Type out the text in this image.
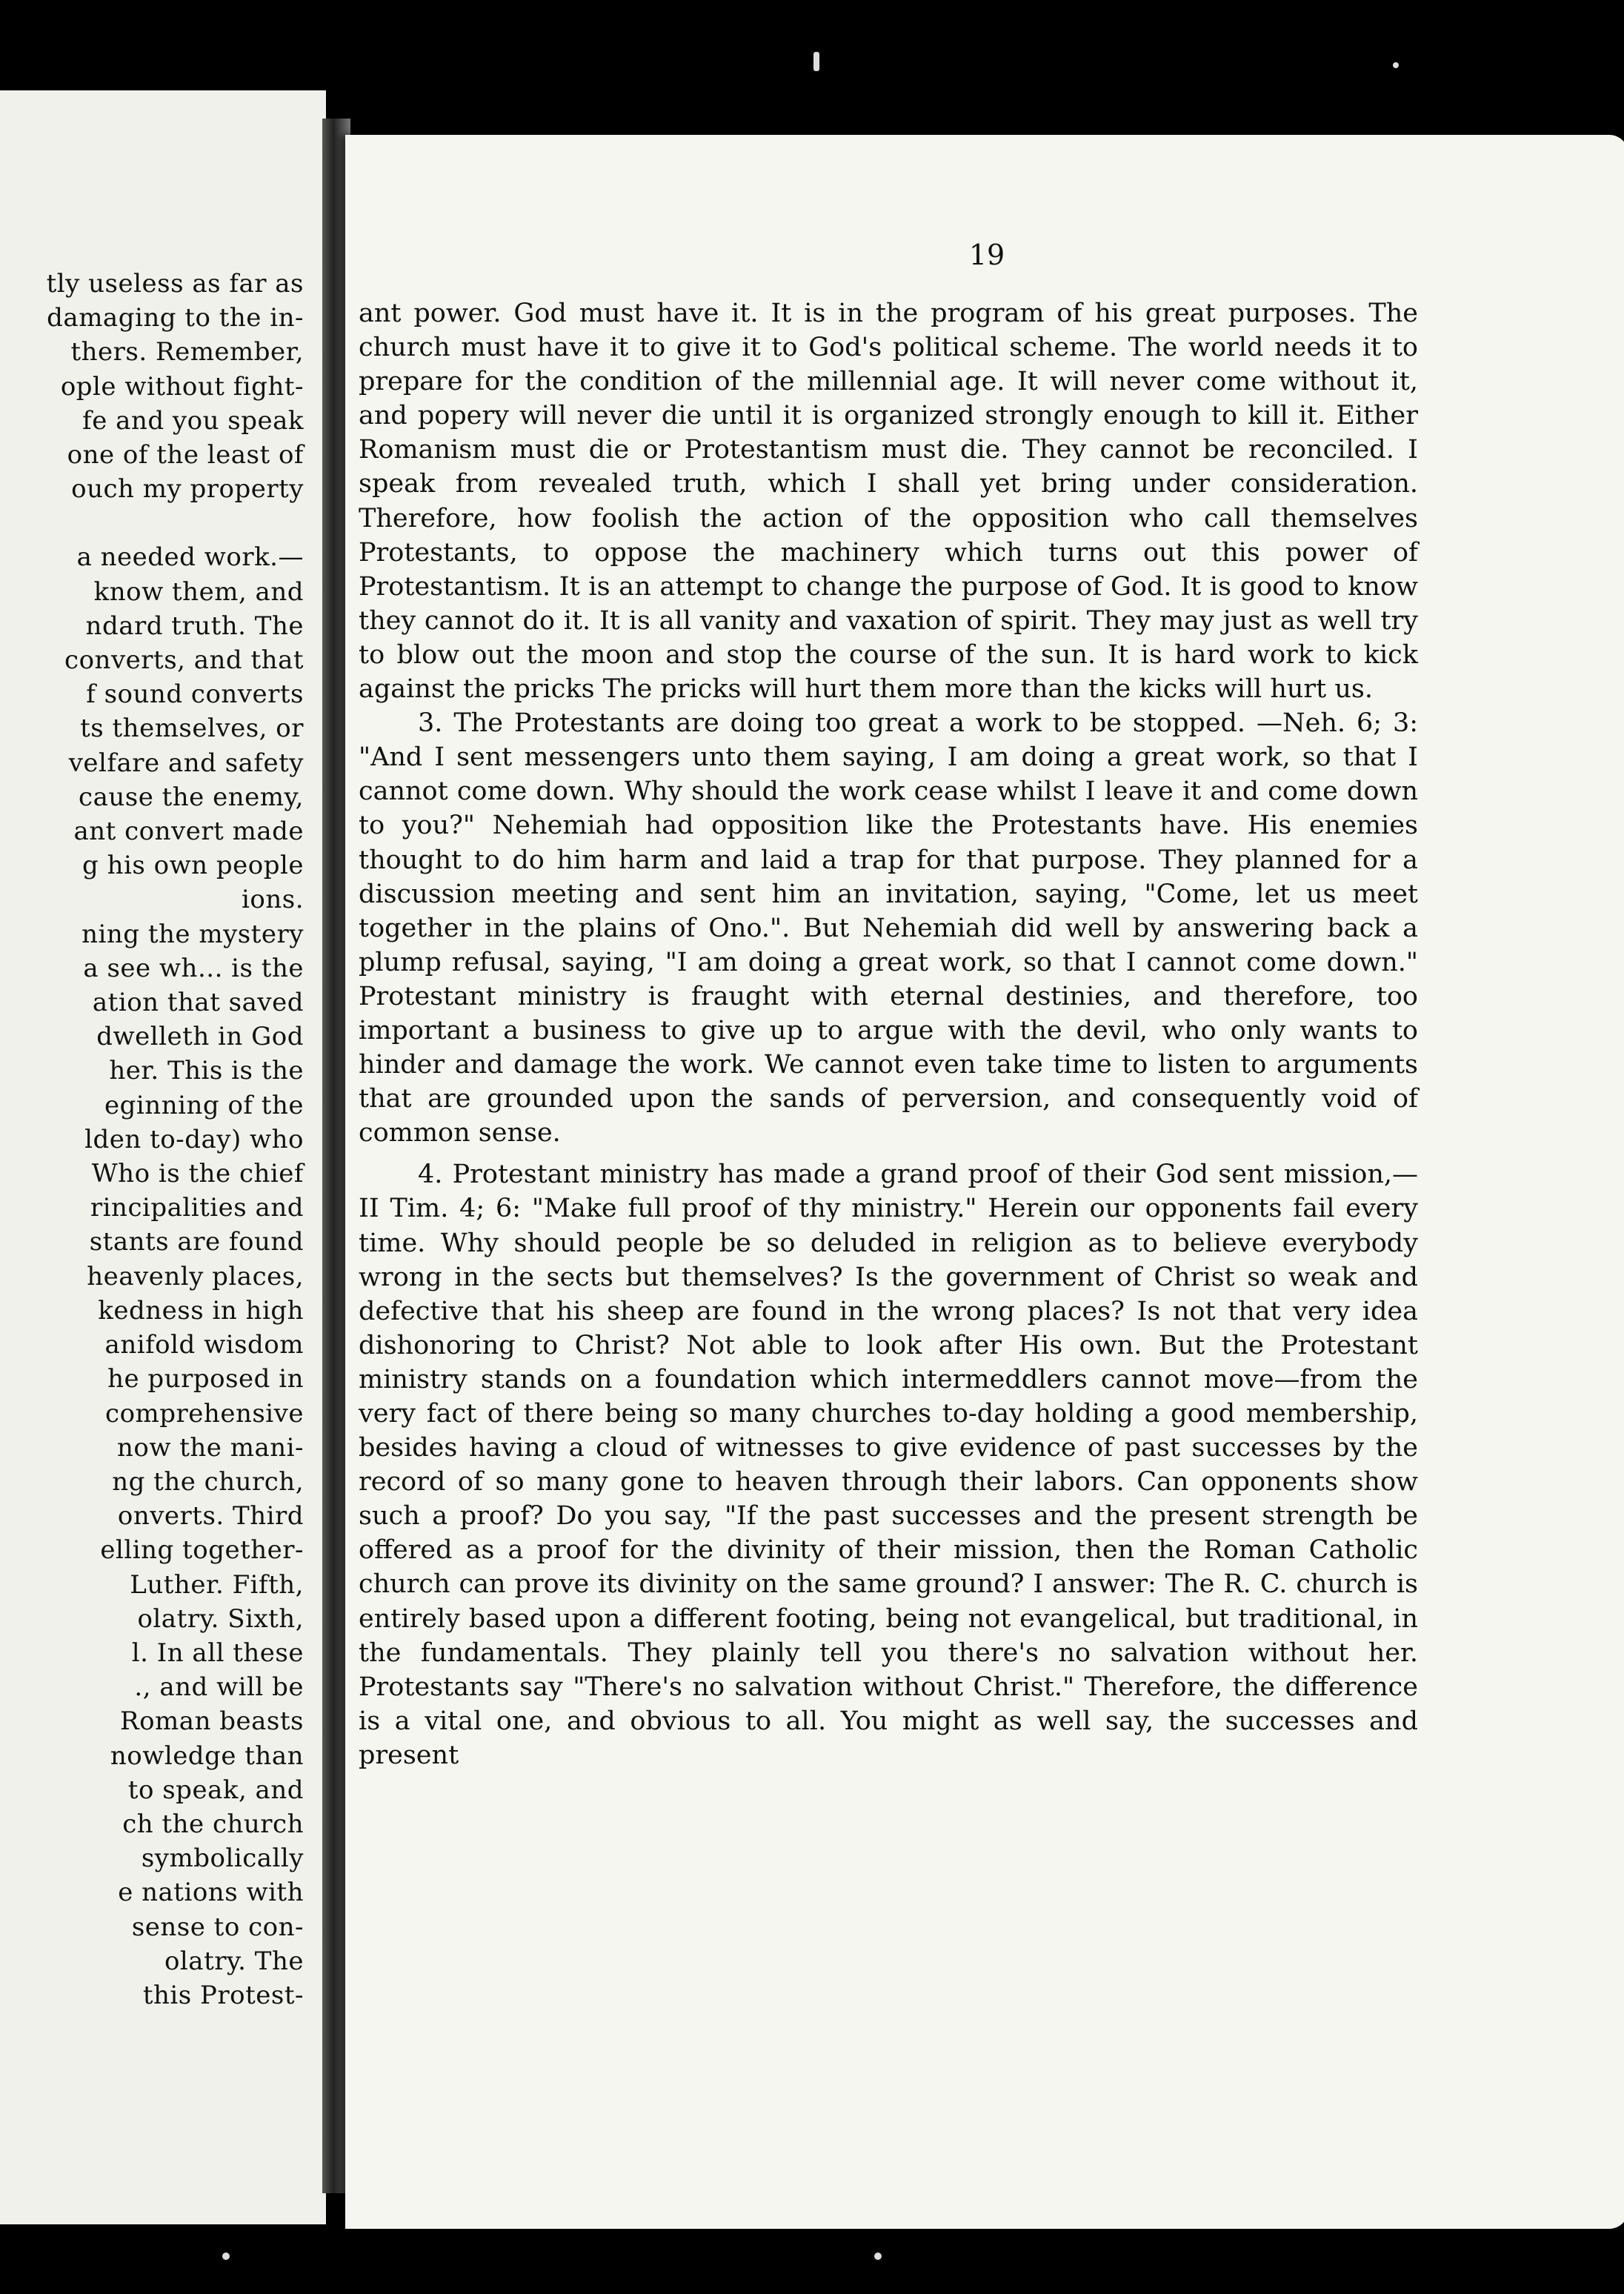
tly useless as far as
damaging to the in-
thers. Remember,
ople without fight-
fe and you speak
one of the least of
ouch my property
a needed work.—
know them, and
ndard truth. The
converts, and that
f sound converts
ts themselves, or
velfare and safety
cause the enemy,
ant convert made
g his own people
ions.
ning the mystery
a see wh... is the
ation that saved
dwelleth in God
her. This is the
eginning of the
lden to-day) who
Who is the chief
rincipalities and
stants are found
heavenly places,
kedness in high
anifold wisdom
he purposed in
comprehensive
now the mani-
ng the church,
onverts. Third
elling together-
Luther. Fifth,
olatry. Sixth,
l. In all these
., and will be
Roman beasts
nowledge than
to speak, and
ch the church
symbolically
e nations with
sense to con-
olatry. The
this Protest-
19

ant power. God must have it. It is in the program of his great purposes. The church must have it to give it to God's political scheme. The world needs it to prepare for the condition of the millennial age. It will never come without it, and popery will never die until it is organized strongly enough to kill it. Either Romanism must die or Protestantism must die. They cannot be reconciled. I speak from revealed truth, which I shall yet bring under consideration. Therefore, how foolish the action of the opposition who call themselves Protestants, to oppose the machinery which turns out this power of Protestantism. It is an attempt to change the purpose of God. It is good to know they cannot do it. It is all vanity and vaxation of spirit. They may just as well try to blow out the moon and stop the course of the sun. It is hard work to kick against the pricks The pricks will hurt them more than the kicks will hurt us.

3. The Protestants are doing too great a work to be stopped. —Neh. 6; 3: "And I sent messengers unto them saying, I am doing a great work, so that I cannot come down. Why should the work cease whilst I leave it and come down to you?" Nehemiah had opposition like the Protestants have. His enemies thought to do him harm and laid a trap for that purpose. They planned for a discussion meeting and sent him an invitation, saying, "Come, let us meet together in the plains of Ono.". But Nehemiah did well by answering back a plump refusal, saying, "I am doing a great work, so that I cannot come down." Protestant ministry is fraught with eternal destinies, and therefore, too important a business to give up to argue with the devil, who only wants to hinder and damage the work. We cannot even take time to listen to arguments that are grounded upon the sands of perversion, and consequently void of common sense.

4. Protestant ministry has made a grand proof of their God sent mission,—II Tim. 4; 6: "Make full proof of thy ministry." Herein our opponents fail every time. Why should people be so deluded in religion as to believe everybody wrong in the sects but themselves? Is the government of Christ so weak and defective that his sheep are found in the wrong places? Is not that very idea dishonoring to Christ? Not able to look after His own. But the Protestant ministry stands on a foundation which intermeddlers cannot move—from the very fact of there being so many churches to-day holding a good membership, besides having a cloud of witnesses to give evidence of past successes by the record of so many gone to heaven through their labors. Can opponents show such a proof? Do you say, "If the past successes and the present strength be offered as a proof for the divinity of their mission, then the Roman Catholic church can prove its divinity on the same ground? I answer: The R. C. church is entirely based upon a different footing, being not evangelical, but traditional, in the fundamentals. They plainly tell you there's no salvation without her. Protestants say "There's no salvation without Christ." Therefore, the difference is a vital one, and obvious to all. You might as well say, the successes and present
